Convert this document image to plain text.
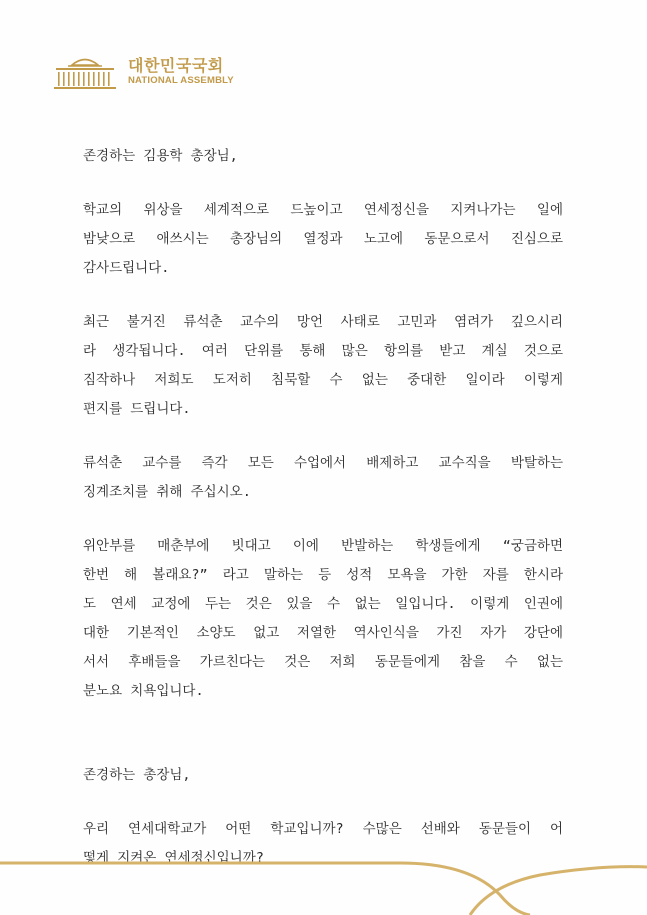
대한민국국회
NATIONAL ASSEMBLY
존경하는 김용학 총장님,
학교의 위상을 세계적으로 드높이고 연세정신을 지켜나가는 일에
밤낮으로 애쓰시는 총장님의 열정과 노고에 동문으로서 진심으로
감사드립니다.
최근 불거진 류석춘 교수의 망언 사태로 고민과 염려가 깊으시리
라 생각됩니다. 여러 단위를 통해 많은 항의를 받고 계실 것으로
짐작하나 저희도 도저히 침묵할 수 없는 중대한 일이라 이렇게
편지를 드립니다.
류석춘 교수를 즉각 모든 수업에서 배제하고 교수직을 박탈하는
징계조치를 취해 주십시오.
위안부를 매춘부에 빗대고 이에 반발하는 학생들에게 “궁금하면
한번 해 볼래요?” 라고 말하는 등 성적 모욕을 가한 자를 한시라
도 연세 교정에 두는 것은 있을 수 없는 일입니다. 이렇게 인권에
대한 기본적인 소양도 없고 저열한 역사인식을 가진 자가 강단에
서서 후배들을 가르친다는 것은 저희 동문들에게 참을 수 없는
분노요 치욕입니다.
존경하는 총장님,
우리 연세대학교가 어떤 학교입니까? 수많은 선배와 동문들이 어
떻게 지켜온 연세정신입니까?
